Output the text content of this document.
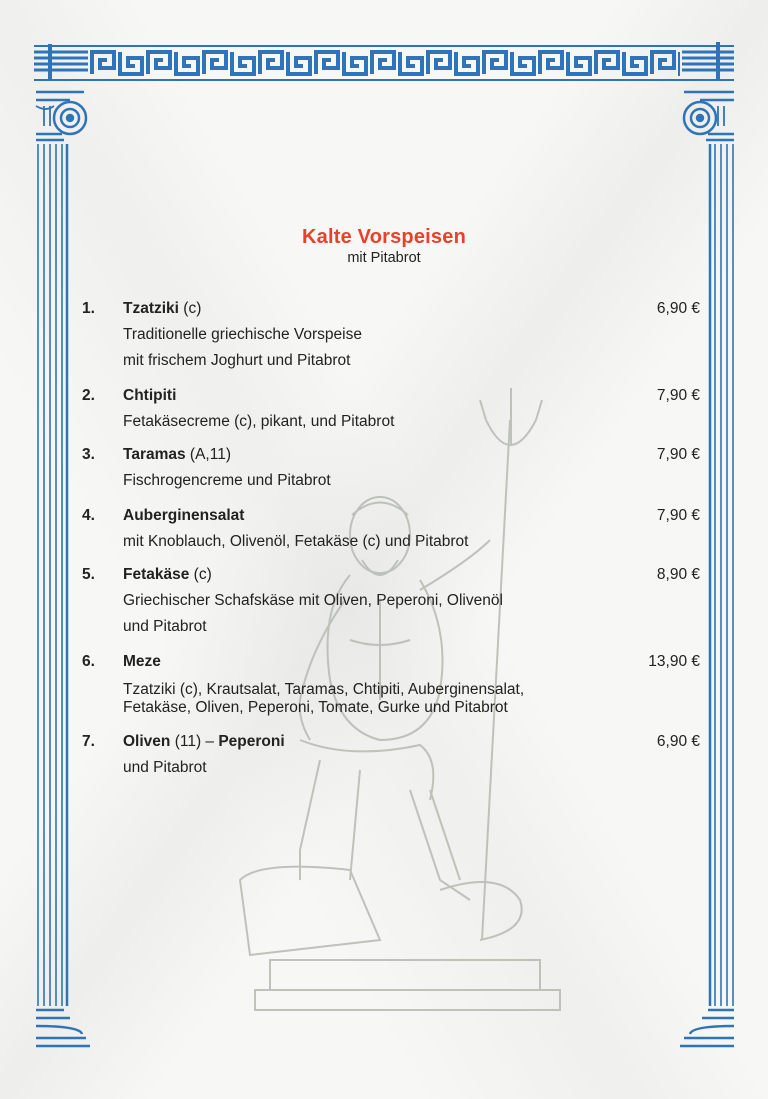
Kalte Vorspeisen
mit Pitabrot
1. Tzatziki (c)	6,90 €
Traditionelle griechische Vorspeise
mit frischem Joghurt und Pitabrot
2. Chtipiti	7,90 €
Fetakäsecreme (c), pikant, und Pitabrot
3. Taramas (A,11)	7,90 €
Fischrogencreme und Pitabrot
4. Auberginensalat	7,90 €
mit Knoblauch, Olivenöl, Fetakäse (c) und Pitabrot
5. Fetakäse (c)	8,90 €
Griechischer Schafskäse mit Oliven, Peperoni, Olivenöl
und Pitabrot
6. Meze	13,90 €
Tzatziki (c), Krautsalat, Taramas, Chtipiti, Auberginensalat,
Fetakäse, Oliven, Peperoni, Tomate, Gurke und Pitabrot
7. Oliven (11) – Peperoni	6,90 €
und Pitabrot
